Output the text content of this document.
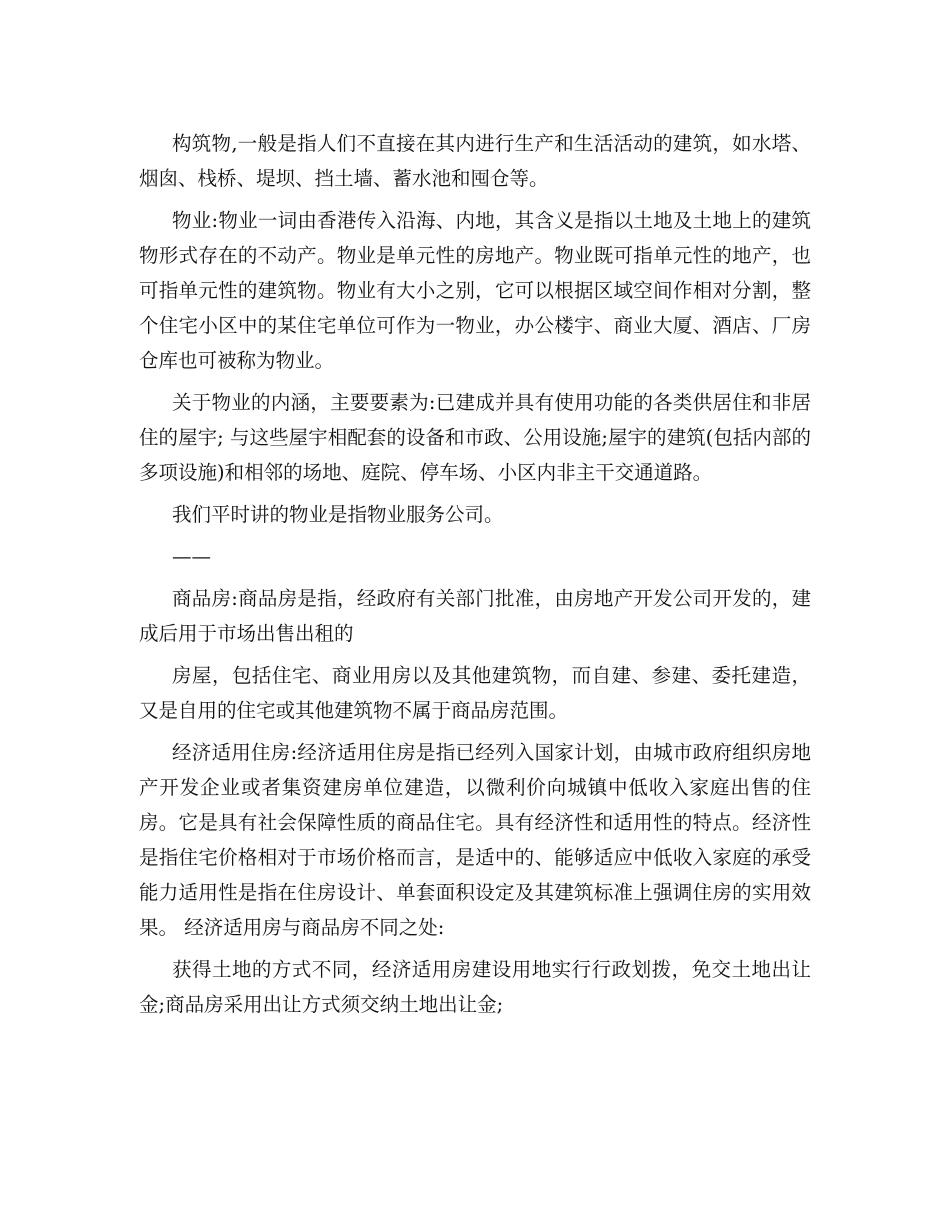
构筑物,一般是指人们不直接在其内进行生产和生活活动的建筑，如水塔、烟囱、栈桥、堤坝、挡土墙、蓄水池和囤仓等。

物业:物业一词由香港传入沿海、内地，其含义是指以土地及土地上的建筑物形式存在的不动产。物业是单元性的房地产。物业既可指单元性的地产，也可指单元性的建筑物。物业有大小之别，它可以根据区域空间作相对分割，整个住宅小区中的某住宅单位可作为一物业，办公楼宇、商业大厦、酒店、厂房仓库也可被称为物业。

关于物业的内涵，主要要素为:已建成并具有使用功能的各类供居住和非居住的屋宇; 与这些屋宇相配套的设备和市政、公用设施;屋宇的建筑(包括内部的多项设施)和相邻的场地、庭院、停车场、小区内非主干交通道路。

我们平时讲的物业是指物业服务公司。

——

商品房:商品房是指，经政府有关部门批准，由房地产开发公司开发的，建成后用于市场出售出租的

房屋，包括住宅、商业用房以及其他建筑物，而自建、参建、委托建造，又是自用的住宅或其他建筑物不属于商品房范围。

经济适用住房:经济适用住房是指已经列入国家计划，由城市政府组织房地产开发企业或者集资建房单位建造，以微利价向城镇中低收入家庭出售的住房。它是具有社会保障性质的商品住宅。具有经济性和适用性的特点。经济性是指住宅价格相对于市场价格而言，是适中的、能够适应中低收入家庭的承受能力适用性是指在住房设计、单套面积设定及其建筑标准上强调住房的实用效果。 经济适用房与商品房不同之处:

获得土地的方式不同，经济适用房建设用地实行行政划拨，免交土地出让金;商品房采用出让方式须交纳土地出让金;
